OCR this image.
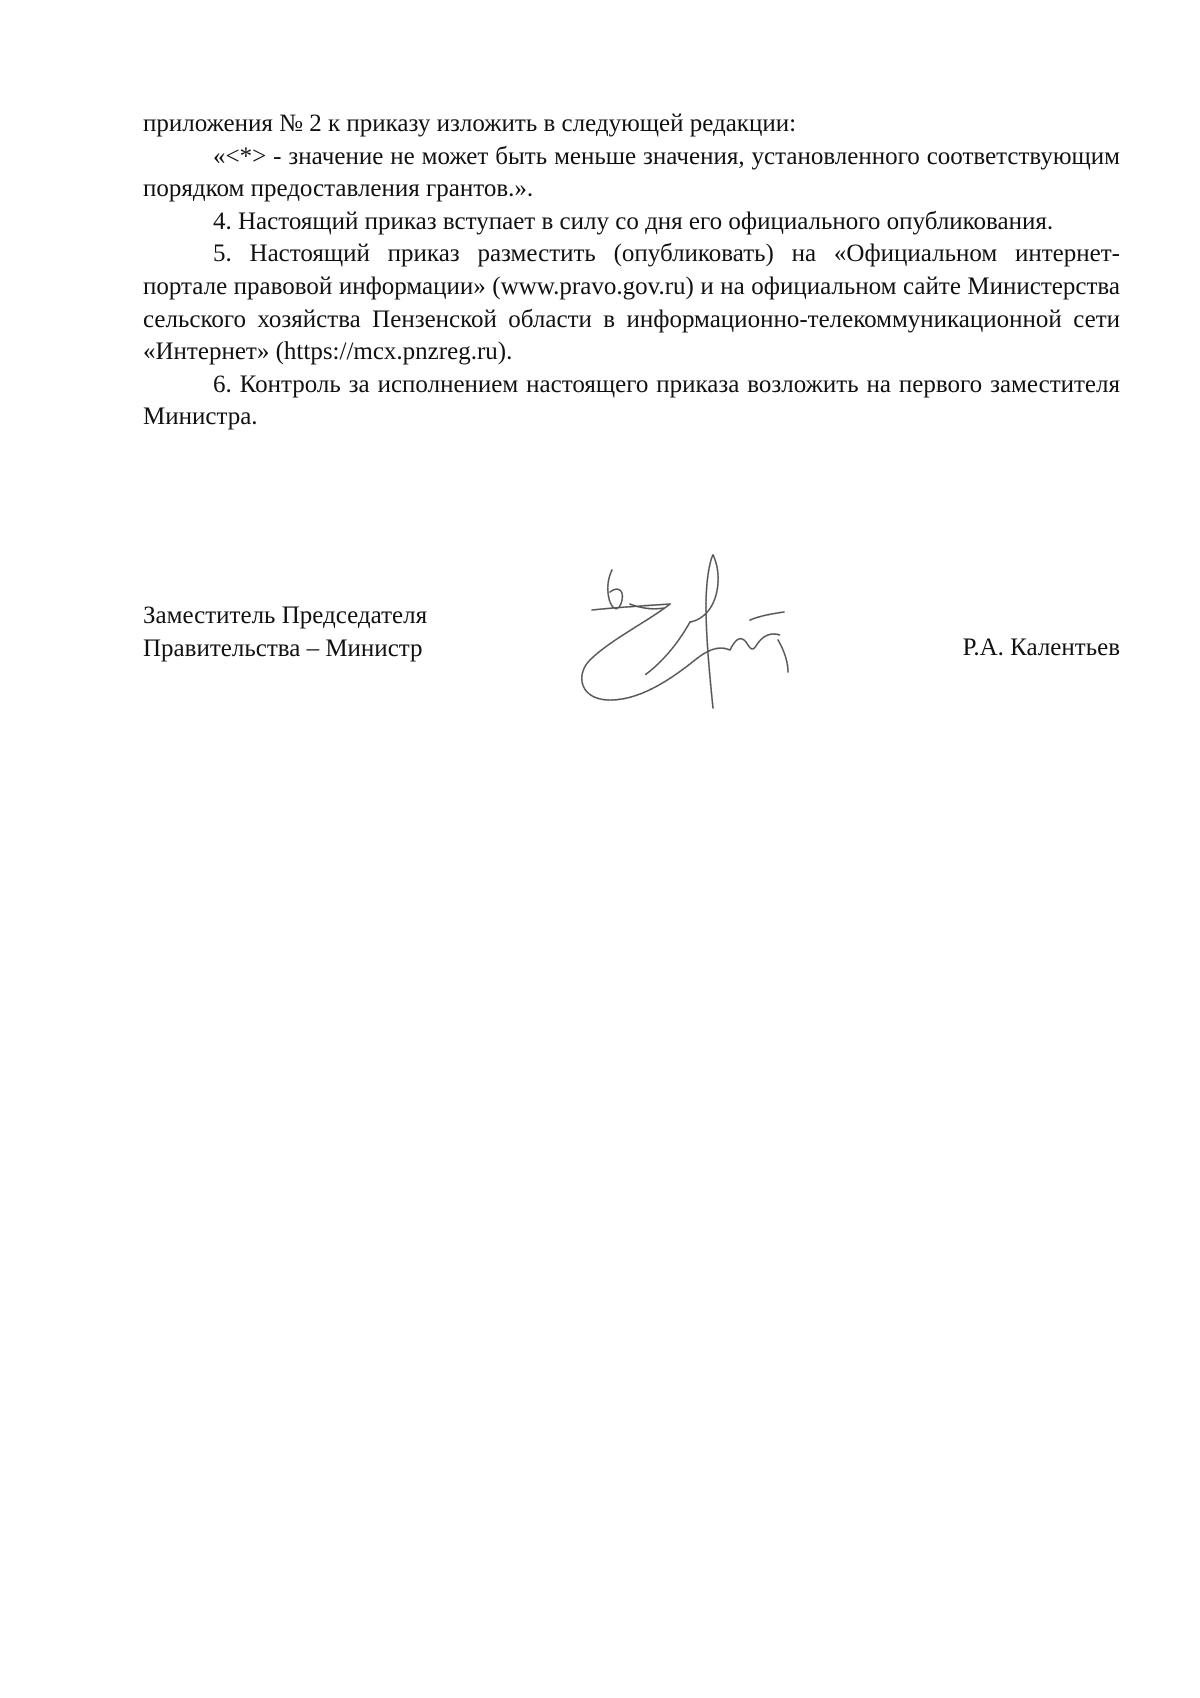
приложения № 2 к приказу изложить в следующей редакции:

«<*> - значение не может быть меньше значения, установленного соответствующим порядком предоставления грантов.».

4. Настоящий приказ вступает в силу со дня его официального опубликования.

5. Настоящий приказ разместить (опубликовать) на «Официальном интернет-портале правовой информации» (www.pravo.gov.ru) и на официальном сайте Министерства сельского хозяйства Пензенской области в информационно-телекоммуникационной сети «Интернет» (https://mcx.pnzreg.ru).

6. Контроль за исполнением настоящего приказа возложить на первого заместителя Министра.

Заместитель Председателя
Правительства – Министр	Р.А. Калентьев
